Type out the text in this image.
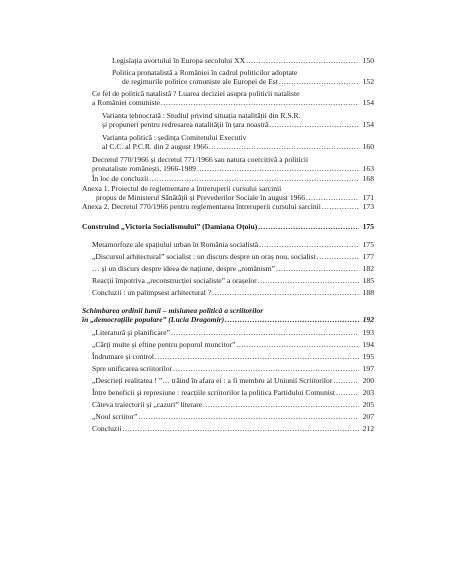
Legislația avortului în Europa secolului XX .....	150
Politica pronatalistă a României în cadrul politicilor adoptate
de regimurile politice comuniste ale Europei de Est .....	152
Ce fel de politică natalistă ? Luarea deciziei asupra politicii nataliste
a României comuniste .....	154
Varianta tehnocrată : Studiul privind situația natalității din R.S.R.
și propuneri pentru redresarea natalității în țara noastră .....	154
Varianta politică : ședința Comitetului Executiv
al C.C. al P.C.R. din 2 august 1966 .....	160
Decretul 770/1966 și decretul 771/1966 sau natura coercitivă a politicii
pronataliste românești, 1966-1989 .....	163
În loc de concluzii .....	168
Anexa 1. Proiectul de reglementare a întreruperii cursului sarcinii
propus de Ministerul Sănătății și Prevederilor Sociale în august 1966 .....	171
Anexa 2. Decretul 770/1966 pentru reglementarea întreruperii cursului sarcinii .....	173
Construind „Victoria Socialismului” (Damiana Oțoiu) .....	175
Metamorfoze ale spațiului urban în România socialistă .....	175
„Discursul arhitectural” socialist : un discurs despre un oraș nou, socialist .....	177
… și un discurs despre ideea de națiune, despre „românism” .....	182
Reacții împotriva „reconstrucției socialiste” a orașelor .....	185
Concluzii : un palimpsest arhitectural ? .....	188
Schimbarea ordinii lumii – misiunea politică a scriitorilor
în „democrațiile populare” (Lucia Dragomir) .....	192
„Literatură și planificare” .....	193
„Cărți multe și eftine pentru poporul muncitor” .....	194
Îndrumare și control .....	195
Spre unificarea scriitorilor .....	197
„Descrieți realitatea ! ”… trăind în afara ei : a fi membru al Uniunii Scriitorilor .....	200
Între beneficii și represiune : reacțiile scriitorilor la politica Partidului Comunist .....	203
Câteva traiectorii și „cazuri” literare .....	205
„Noul scriitor” .....	207
Concluzii .....	212
